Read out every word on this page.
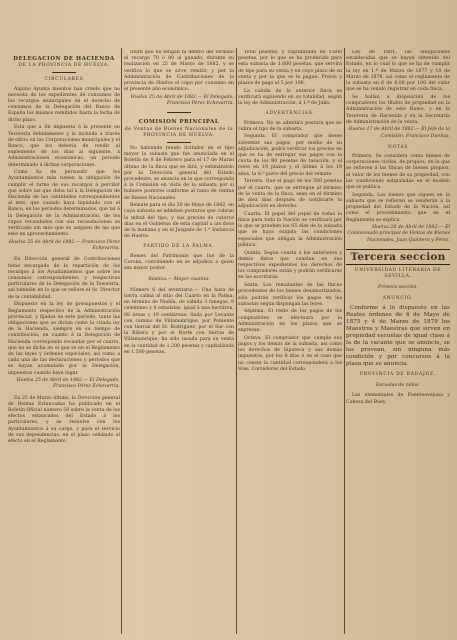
DELEGACION DE HACIENDA
DE LA PROVINCIA DE HUELVA.
CIRCULARES

Alguno Ayunta mientos han creido que no necesita de los expedientes de consumos de los recargos municipales en el derecho de consumos de la Delegación del Banco de España los mismos remitidos hasta la fecha de dicho plazo.

Esta que a fin impuesta ó la presente en Tesorería debidamente y la incluida á través de oficio en las Corporaciones municipales y el Banco, que los debería de rendir al suplemento de los dias al siguiente, á Administraciones económicas, un periodo determinado á dichas corporaciones.

Como ha de persuadir que los Ayuntamientos más tienen la obligación de cumplir el turno de sus recargos á percibir que sobre las que deba tal á la Delegación de Hacienda de las cantidades correspondientes al mes, que cuando haya liquidado con el Banco, en los períodos determinados, que tal á la Delegación de la Administración, de los cupos recaudados con sus recaudaciones se verificado sin más que se asignen de las que este un aprovechamiento.

Huelva 25 de Abril de 1882.— Francisco Pérez Echevarría.

En Dirección general de Contribuciones tiene encargado de la repartición de los recargos á los Ayuntamientos que sobre los consumos correspondientes y respectivas particulares de la Delegación de la Tesorería, así también en lo que se refiere el Sr. Director de la contabilidad.

Dispuesto en la ley de presupuestos y el Reglamento respectivo de la Administración provincial, y fijados en este período, tanto las obligaciones que se dictan como la citada ley de la Hacienda, siempre en su tiempo de contribución, en cuanto á la Delegación de Hacienda corresponda recaudar por el cuarto, que no se dicha en el que se en el Reglamento de las leyes y órdenes especiales, así como a cada una de las declaraciones y períodos que se hayan acumulado por la Delegación, impuestos cuando haya lugar.

Huelva 25 de Abril de 1882.— El Delegado, Francisco Pérez Echevarría.

En 25 de Marzo último, la Dirección general de Rentas Estancadas ha publicado en el Boletín Oficial número 58 sobre la venta de los efectos estancados del Estado á los particulares, y se resuelve con los Ayuntamientos á su cargo, y para el servicio de sus dependencias, en el plazo señalado al efecto en el Reglamento.

Inútil que no tengan ni dentro del término al recargo 70 ó 80 al ganado, durante su realización en 25 de Marzo de 1882, y se verifica lo que se sirve remitir, y por la Administración de Contribuciones de la provincia de Huelva el cupo por consumo en el presente año económico.

Huelva 25 de Abril de 1882.— El Delegado, Francisco Pérez Echevarría.

COMISION PRINCIPAL
de Ventas de Bienes Nacionales de la PROVINCIA DE HUELVA.

No habiendo tenido licitador en el tipo mayor la subasta que fue anunciada en el Boletín de 8 de Febrero para el 17 de Marzo último de la finca que se dirá, y estimándolo por la Dirección general del Estado procedente, se anuncia en lo que corresponda á la Comisión en vista de la subasta por si hubiere postores conforme al ramo de ventas de Bienes Nacionales.

Remate para el día 30 de Mayo de 1882, en cuya subasta se admiten posturas que cubran la mitad del tipo, y sus precios de catorce días en el Gobierno de esta capital a las doce de la mañana y en el Juzgado de 1.ª Instancia de Huelva.

PARTIDO DE LA PALMA.

Bienes del Patrimonio que fué de la Corona, conviniendo en se adjudica a quien sea mayor postor.

Rústica.— Mayor cuantía.

Número 6 del inventario.— Una haza de tierra calma al sitio del Cuarto en la Palma, en término de Niebla, de cabida 3 fanegas, 9 celemines y 8 estadales, igual á una hectárea, 98 áreas y 19 centiáreas: linda por Levante con camino de Villamanrique, por Poniente con tierras del Sr. Rodríguez, por el Sur con la Ribera y por el Norte con tierras de Villamanrique; ha sido tasada para su venta en la cantidad de 1.200 pesetas y capitalizada en 1.500 pesetas.

Total pesetas, y capitalizada en 5.600 pesetas, por lo que se ha producido para esta subasta de 1.600 pesetas, que servirá de tipo para su venta y en cuyo plazo de su venta y por la que se le pague. Precio y plazos de pago al 5 por 100.

La cabida de la anterior finca se verificará siguiendo en su totalidad, según la ley de Administración, á 1.º de Julio.

ADVERTENCIAS.

Primera. No se admitirá postura que no cubra el tipo de la subasta.

Segunda. El comprador que desee solventar sus pagos, por medio de su adjudicación, podrá verificar los precios en que se ha de entregar sus pagos con la cuota de los 80 pesetas de tasación; y el resto en 19 plazos y el último á los 19 años, la 8.ª parte del precio del remate.

Tercera. Que el pago de los 500 pesetas por el cuarto, que se entregue al término de la venta de la finca, sean en el término de diez días después de notificarle la adjudicación en derecho.

Cuarta. El papel del papel de todas la finca para toda la Nación se verificará por lo que se prueben los 65 días de la subasta que se haya exigido las condiciones especiales que obligan la Administración pública.

Quinta. Según consta á los anteriores y demás datos que constan en sus respectivos expedientes los derechos de los compradores están y podrán verificarse en las escrituras.

Sexta. Los rematantes de las fincas procedentes de los bienes desamortizados, sólo podrán verificar los pagos en las subastas según dispongan las leyes.

Séptima. El resto de los pagos de los compradores se efectuará por la Administración en los plazos que se expresan.

Octava. El comprador que cumple sus pagos y los demás de la subasta, así como los derechos de hipoteca y sus demás impuestos, por los 8 días ó en el caso que no conste la cantidad corresponderá a los Sres. Corredores del Estado.

Ley de 1881, las obligaciones establecidas que se hayan obtenido del Estado, en lo cual lo que se ha de cumplir la ley en 1.º de Marzo de 1877 y 10 de Marzo de 1878, así como el reglamento de la subasta en 6 de 6,00 por 100 del valor que se ha venido registrar en cada finca.

Se hallan a disposición de los compradores los títulos de propiedad en la Administración de este Ramo, y en la Tesorería de Hacienda y en la Secretaría de Administración de la venta.

Huelva 17 de Abril de 1882.— El Jefe de la Comisión, Francisco Dueñas.

NOTAS

Primera. Se considera como bienes de corporaciones civiles, de propios, en lo que se refieren á las fincas de bienes propios, al valor de los bienes de su propiedad, con las condiciones estipuladas en el modelo que se publica.

Segunda. Los bienes que siguen en la subasta que se refieren se venderán á la propiedad del Estado de la Nación, así como el procedimiento que en el Reglamento se explica.

Huelva 28 de Abril de 1882.— El Comisionado principal de Ventas de Bienes Nacionales, Juan Quintero y Pérez.

Tercera seccion
UNIVERSIDAD LITERARIA DE SEVILLA.

Primera sección.

ANUNCIO.

Conforme á lo dispuesto en las Reales órdenes de 4 de Mayo de 1875 y 4 de Marzo de 1879 los Maestros y Maestras que sirven en propiedad escuelas de igual clase á la de la vacante que se anuncie, se las provean, sin ninguna más condición y por concursos á la plaza que se anuncia.

PROVINCIA DE BADAJOZ.

Escuelas de niños.

Las elementales de Fuenteovejuna y Cabeza del Buey.
